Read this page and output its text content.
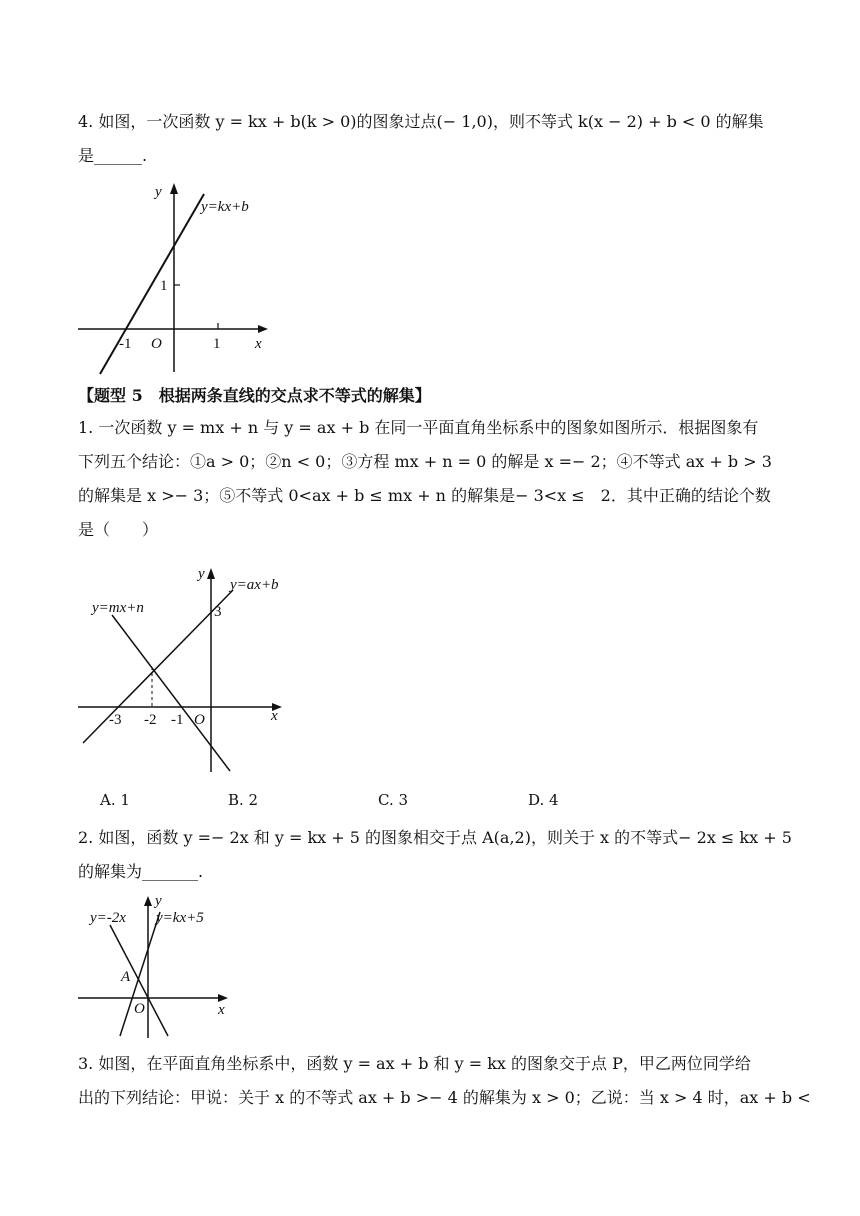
4. 如图，一次函数 y = kx + b(k > 0)的图象过点(− 1,0)，则不等式 k(x − 2) + b < 0 的解集
是______.
y
x
y=kx+b
-1 O	1
1
【题型 5　根据两条直线的交点求不等式的解集】
1. 一次函数 y = mx + n 与 y = ax + b 在同一平面直角坐标系中的图象如图所示．根据图象有
下列五个结论：①a > 0；②n < 0；③方程 mx + n = 0 的解是 x =− 2；④不等式 ax + b > 3
的解集是 x >− 3；⑤不等式 0<ax + b ≤ mx + n 的解集是− 3<x ≤　2．其中正确的结论个数
是（　　）
y
x
y=ax+b
y=mx+n	3
-3 -2 -1 O
A. 1	B. 2	C. 3	D. 4
2. 如图，函数 y =− 2x 和 y = kx + 5 的图象相交于点 A(a,2)，则关于 x 的不等式− 2x ≤ kx + 5
的解集为_______.
y
x
y=-2x y=kx+5
A
O
3. 如图，在平面直角坐标系中，函数 y = ax + b 和 y = kx 的图象交于点 P，甲乙两位同学给
出的下列结论：甲说：关于 x 的不等式 ax + b >− 4 的解集为 x > 0；乙说：当 x > 4 时，ax + b <
